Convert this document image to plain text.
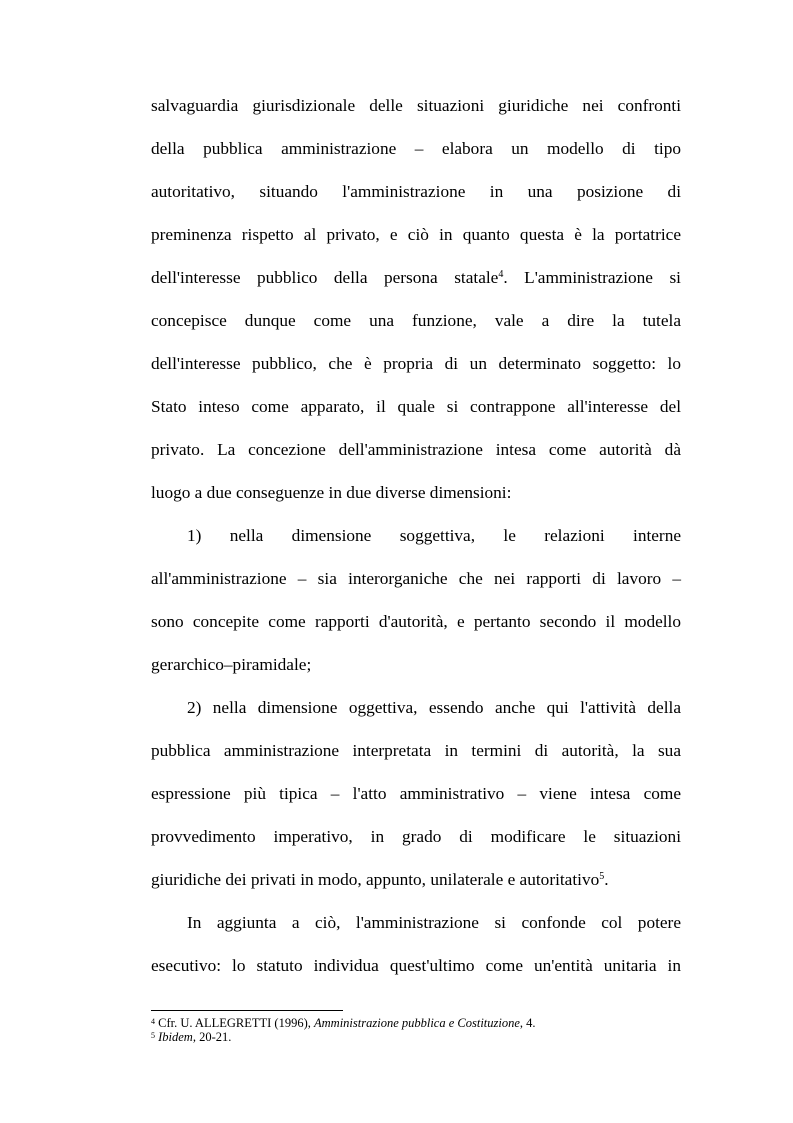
salvaguardia giurisdizionale delle situazioni giuridiche nei confronti
della pubblica amministrazione – elabora un modello di tipo
autoritativo, situando l'amministrazione in una posizione di
preminenza rispetto al privato, e ciò in quanto questa è la portatrice
dell'interesse pubblico della persona statale$^4$. L'amministrazione si
concepisce dunque come una funzione, vale a dire la tutela
dell'interesse pubblico, che è propria di un determinato soggetto: lo
Stato inteso come apparato, il quale si contrappone all'interesse del
privato. La concezione dell'amministrazione intesa come autorità dà
luogo a due conseguenze in due diverse dimensioni:
1) nella dimensione soggettiva, le relazioni interne
all'amministrazione – sia interorganiche che nei rapporti di lavoro –
sono concepite come rapporti d'autorità, e pertanto secondo il modello
gerarchico–piramidale;
2) nella dimensione oggettiva, essendo anche qui l'attività della
pubblica amministrazione interpretata in termini di autorità, la sua
espressione più tipica – l'atto amministrativo – viene intesa come
provvedimento imperativo, in grado di modificare le situazioni
giuridiche dei privati in modo, appunto, unilaterale e autoritativo$^5$.
In aggiunta a ciò, l'amministrazione si confonde col potere
esecutivo: lo statuto individua quest'ultimo come un'entità unitaria in
$^4$ Cfr. U. ALLEGRETTI (1996), Amministrazione pubblica e Costituzione, 4.
$^5$ Ibidem, 20-21.
